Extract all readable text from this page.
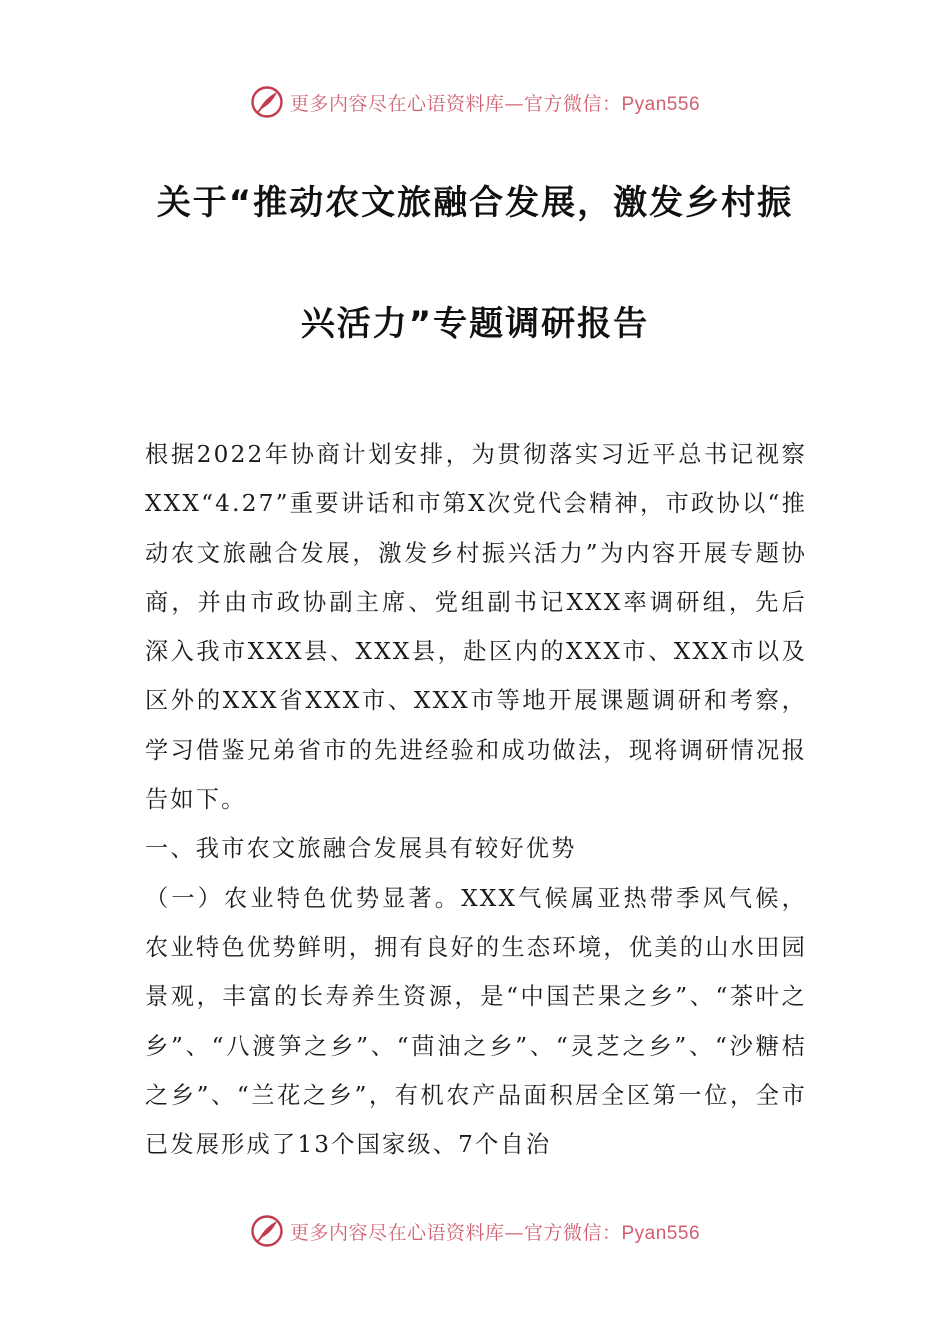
更多内容尽在心语资料库—官方微信：Pyan556
关于“推动农文旅融合发展，激发乡村振
兴活力”专题调研报告

根据2022年协商计划安排，为贯彻落实习近平总书记视察XXX“4.27”重要讲话和市第X次党代会精神，市政协以“推动农文旅融合发展，激发乡村振兴活力”为内容开展专题协商，并由市政协副主席、党组副书记XXX率调研组，先后深入我市XXX县、XXX县，赴区内的XXX市、XXX市以及区外的XXX省XXX市、XXX市等地开展课题调研和考察，学习借鉴兄弟省市的先进经验和成功做法，现将调研情况报告如下。

一、我市农文旅融合发展具有较好优势

（一）农业特色优势显著。XXX气候属亚热带季风气候，农业特色优势鲜明，拥有良好的生态环境，优美的山水田园景观，丰富的长寿养生资源，是“中国芒果之乡”、“茶叶之乡”、“八渡笋之乡”、“茴油之乡”、“灵芝之乡”、“沙糖桔之乡”、“兰花之乡”，有机农产品面积居全区第一位，全市已发展形成了13个国家级、7个自治

更多内容尽在心语资料库—官方微信：Pyan556
